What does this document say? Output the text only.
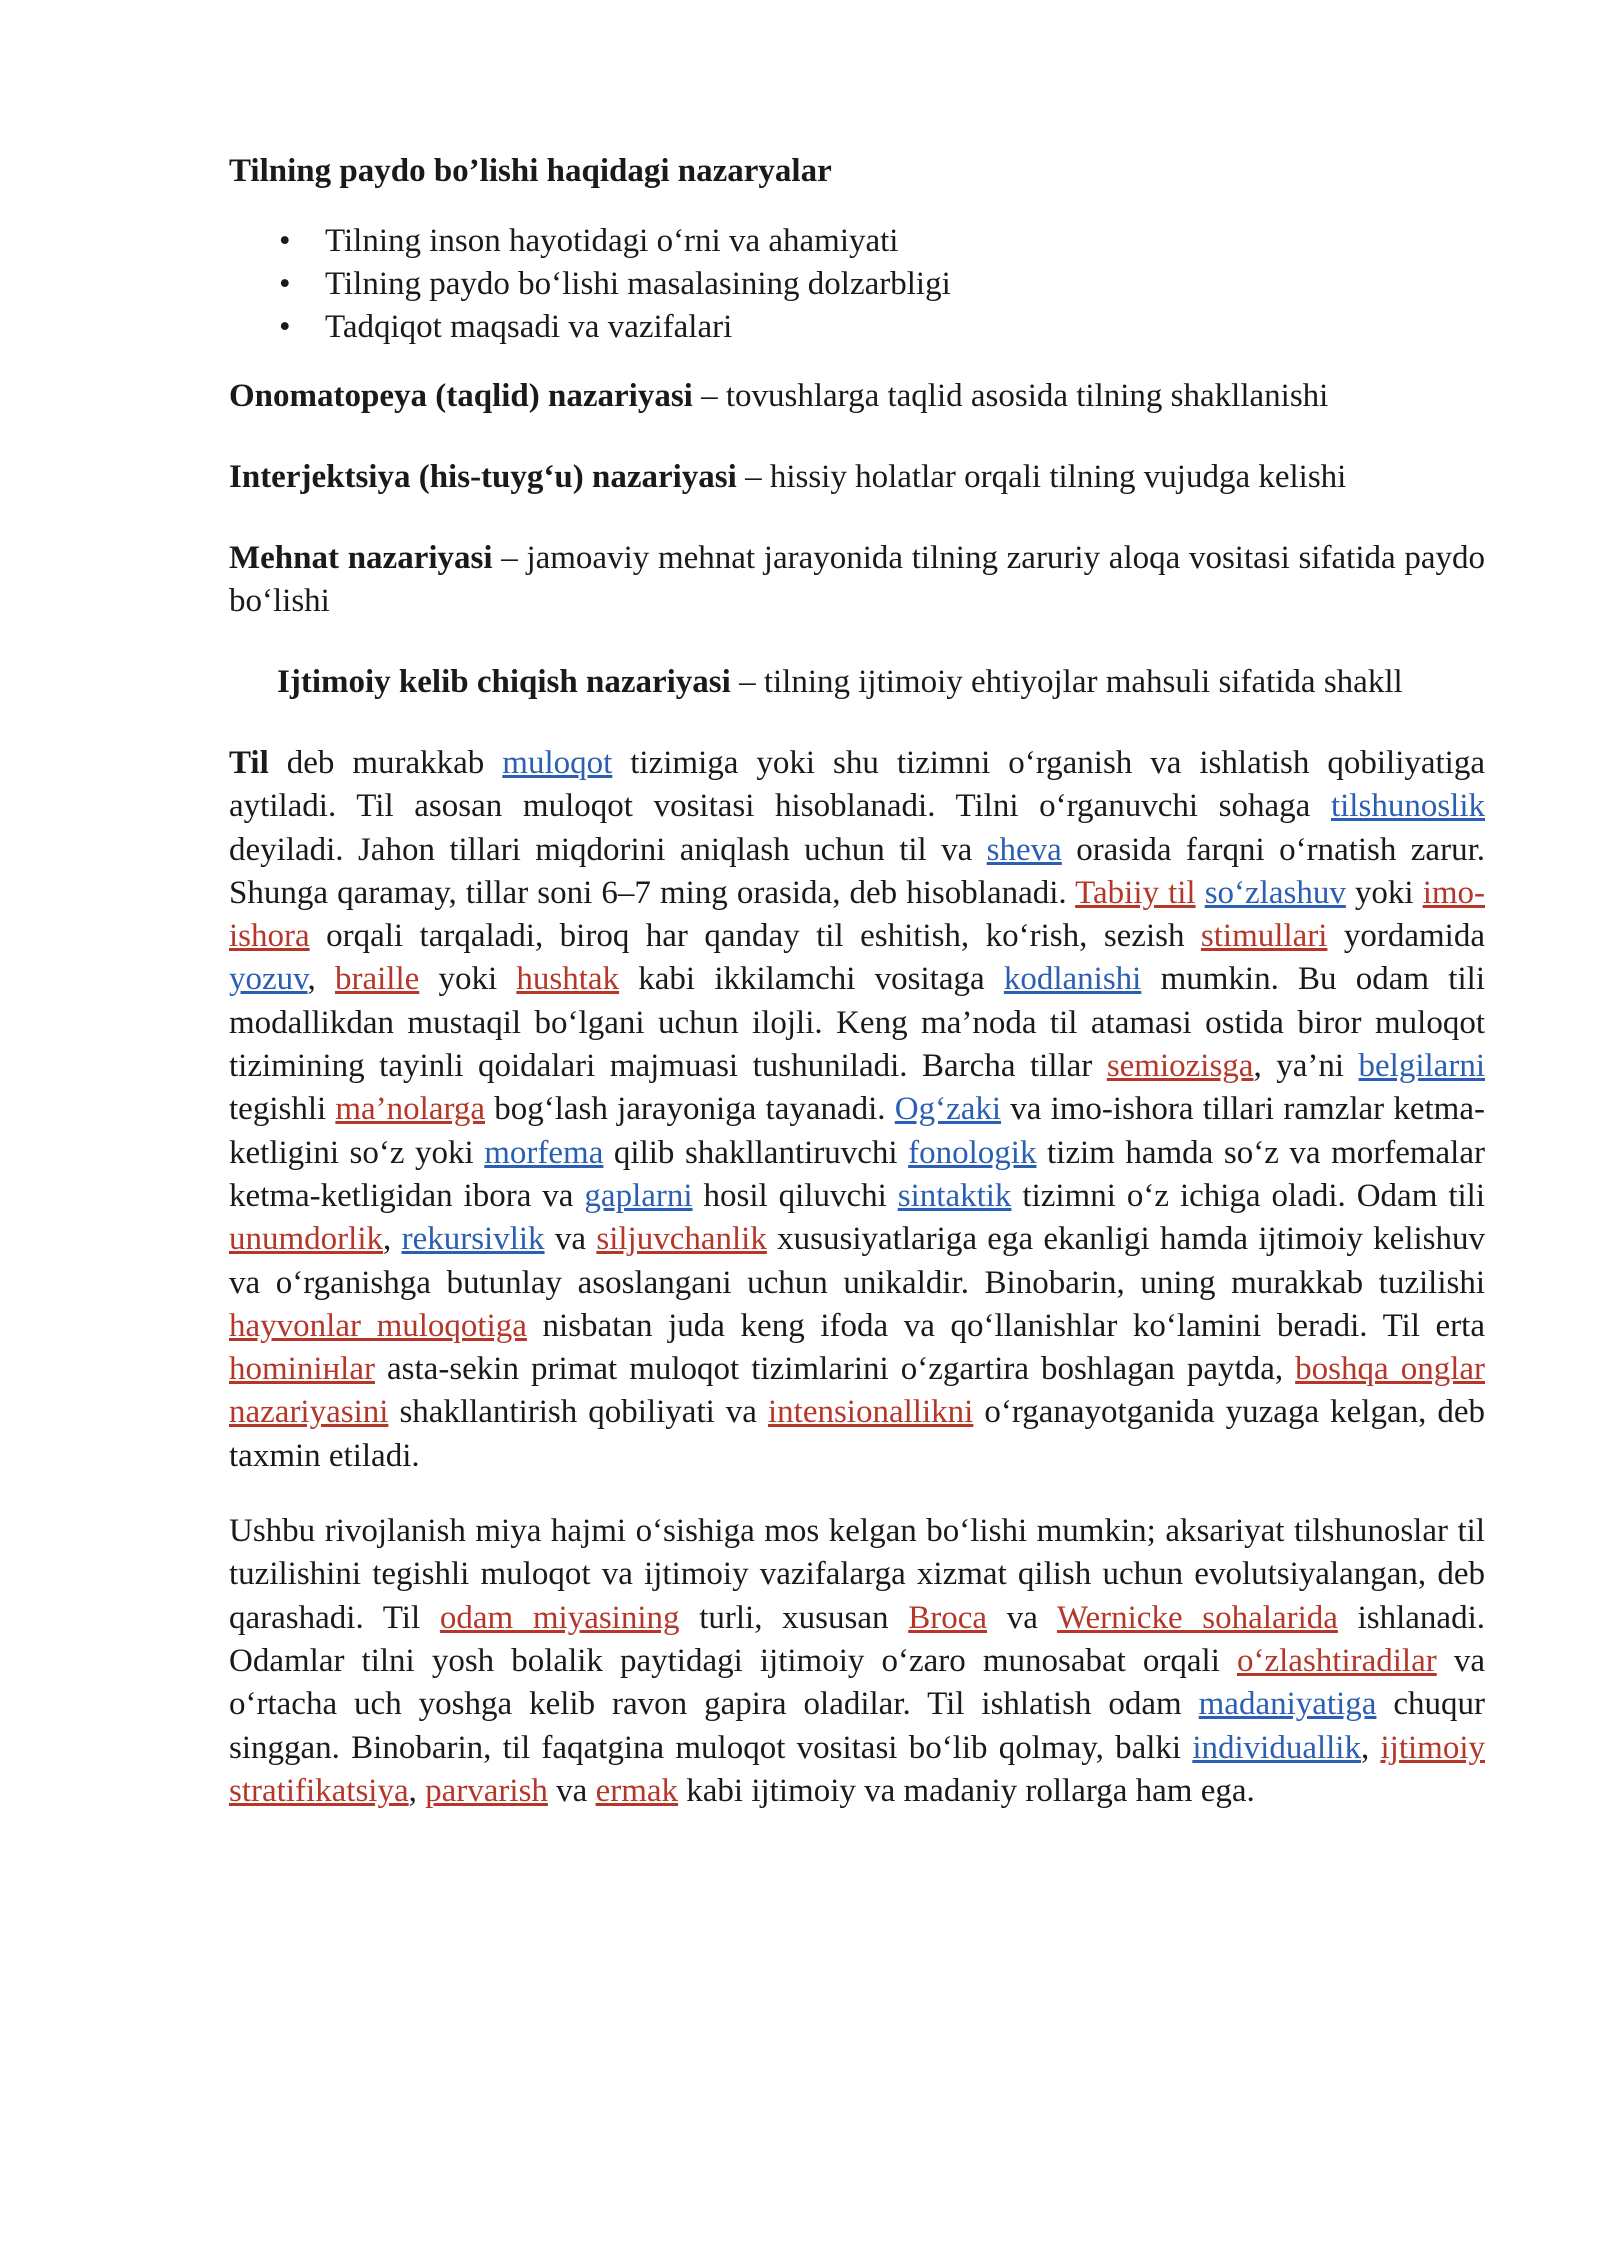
Tilning paydo bo’lishi haqidagi nazaryalar
• Tilning inson hayotidagi o‘rni va ahamiyati
• Tilning paydo bo‘lishi masalasining dolzarbligi
• Tadqiqot maqsadi va vazifalari

Onomatopeya (taqlid) nazariyasi – tovushlarga taqlid asosida tilning shakllanishi

Interjektsiya (his-tuyg‘u) nazariyasi – hissiy holatlar orqali tilning vujudga kelishi

Mehnat nazariyasi – jamoaviy mehnat jarayonida tilning zaruriy aloqa vositasi sifatida paydo bo‘lishi

Ijtimoiy kelib chiqish nazariyasi – tilning ijtimoiy ehtiyojlar mahsuli sifatida shakll

Til deb murakkab muloqot tizimiga yoki shu tizimni o‘rganish va ishlatish qobiliyatiga aytiladi. Til asosan muloqot vositasi hisoblanadi. Tilni o‘rganuvchi sohaga tilshunoslik deyiladi. Jahon tillari miqdorini aniqlash uchun til va sheva orasida farqni o‘rnatish zarur. Shunga qaramay, tillar soni 6–7 ming orasida, deb hisoblanadi. Tabiiy til so‘zlashuv yoki imo-ishora orqali tarqaladi, biroq har qanday til eshitish, ko‘rish, sezish stimullari yordamida yozuv, braille yoki hushtak kabi ikkilamchi vositaga kodlanishi mumkin. Bu odam tili modallikdan mustaqil bo‘lgani uchun ilojli. Keng ma’noda til atamasi ostida biror muloqot tizimining tayinli qoidalari majmuasi tushuniladi. Barcha tillar semiozisga, ya’ni belgilarni tegishli ma’nolarga bog‘lash jarayoniga tayanadi. Og‘zaki va imo-ishora tillari ramzlar ketma-ketligini so‘z yoki morfema qilib shakllantiruvchi fonologik tizim hamda so‘z va morfemalar ketma-ketligidan ibora va gaplarni hosil qiluvchi sintaktik tizimni o‘z ichiga oladi. Odam tili unumdorlik, rekursivlik va siljuvchanlik xususiyatlariga ega ekanligi hamda ijtimoiy kelishuv va o‘rganishga butunlay asoslangani uchun unikaldir. Binobarin, uning murakkab tuzilishi hayvonlar muloqotiga nisbatan juda keng ifoda va qo‘llanishlar ko‘lamini beradi. Til erta hominінlar asta-sekin primat muloqot tizimlarini o‘zgartira boshlagan paytda, boshqa onglar nazariyasini shakllantirish qobiliyati va intensionallikni o‘rganayotganida yuzaga kelgan, deb taxmin etiladi.

Ushbu rivojlanish miya hajmi o‘sishiga mos kelgan bo‘lishi mumkin; aksariyat tilshunoslar til tuzilishini tegishli muloqot va ijtimoiy vazifalarga xizmat qilish uchun evolutsiyalangan, deb qarashadi. Til odam miyasining turli, xususan Broca va Wernicke sohalarida ishlanadi. Odamlar tilni yosh bolalik paytidagi ijtimoiy o‘zaro munosabat orqali o‘zlashtiradilar va o‘rtacha uch yoshga kelib ravon gapira oladilar. Til ishlatish odam madaniyatiga chuqur singgan. Binobarin, til faqatgina muloqot vositasi bo‘lib qolmay, balki individuallik, ijtimoiy stratifikatsiya, parvarish va ermak kabi ijtimoiy va madaniy rollarga ham ega.
